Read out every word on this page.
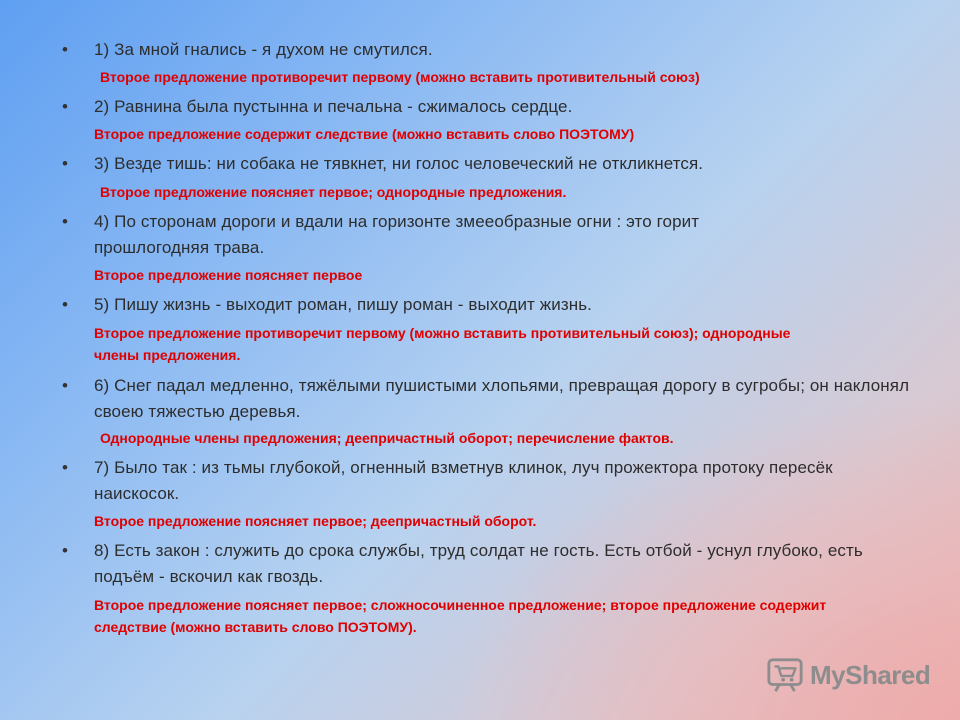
• 1) За мной гнались - я духом не смутился.
Второе предложение противоречит первому (можно вставить противительный союз)
• 2) Равнина была пустынна и печальна - сжималось сердце.
Второе предложение содержит следствие (можно вставить слово ПОЭТОМУ)
• 3) Везде тишь: ни собака не тявкнет, ни голос человеческий не откликнется.
Второе предложение поясняет первое; однородные предложения.
• 4) По сторонам дороги и вдали на горизонте змееобразные огни : это горит прошлогодняя трава.
Второе предложение поясняет первое
• 5) Пишу жизнь - выходит роман, пишу роман - выходит жизнь.
Второе предложение противоречит первому (можно вставить противительный союз); однородные члены предложения.
• 6) Снег падал медленно, тяжёлыми пушистыми хлопьями, превращая дорогу в сугробы; он наклонял своею тяжестью деревья.
Однородные члены предложения; деепричастный оборот; перечисление фактов.
• 7) Было так : из тьмы глубокой, огненный взметнув клинок, луч прожектора протоку пересёк наискосок.
Второе предложение поясняет первое; деепричастный оборот.
• 8) Есть закон : служить до срока службы, труд солдат не гость. Есть отбой - уснул глубоко, есть подъём - вскочил как гвоздь.
Второе предложение поясняет первое; сложносочиненное предложение; второе предложение содержит следствие (можно вставить слово ПОЭТОМУ).
MyShared
